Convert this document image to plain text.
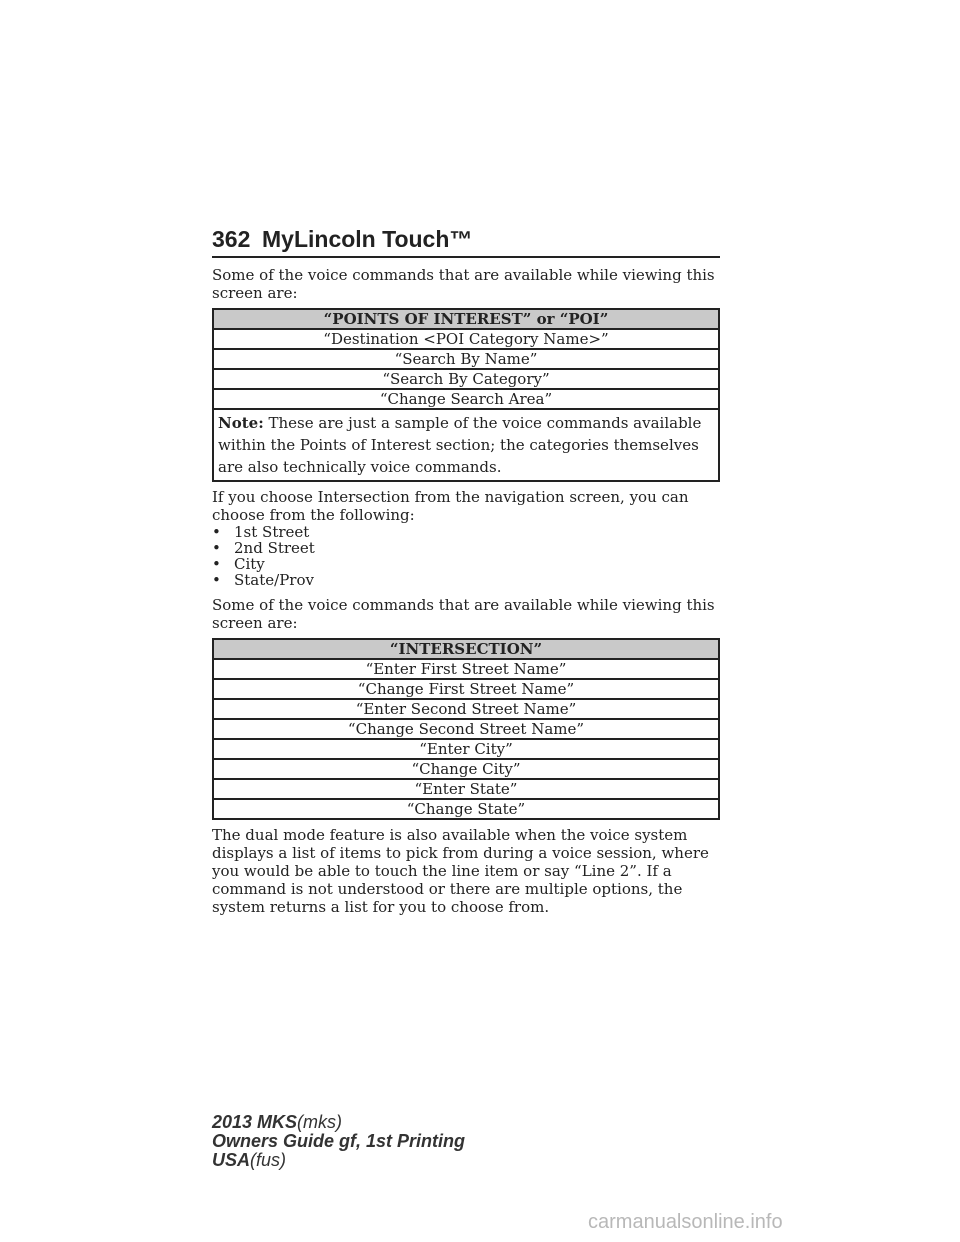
362 MyLincoln Touch™

Some of the voice commands that are available while viewing this screen are:

“POINTS OF INTEREST” or “POI”
“Destination <POI Category Name>”
“Search By Name”
“Search By Category”
“Change Search Area”
Note: These are just a sample of the voice commands available within the Points of Interest section; the categories themselves are also technically voice commands.

If you choose Intersection from the navigation screen, you can choose from the following:

• 1st Street
• 2nd Street
• City
• State/Prov

Some of the voice commands that are available while viewing this screen are:

“INTERSECTION”
“Enter First Street Name”
“Change First Street Name”
“Enter Second Street Name”
“Change Second Street Name”
“Enter City”
“Change City”
“Enter State”
“Change State”

The dual mode feature is also available when the voice system displays a list of items to pick from during a voice session, where you would be able to touch the line item or say “Line 2”. If a command is not understood or there are multiple options, the system returns a list for you to choose from.

2013 MKS(mks)
Owners Guide gf, 1st Printing
USA(fus)
carmanualsonline.info
